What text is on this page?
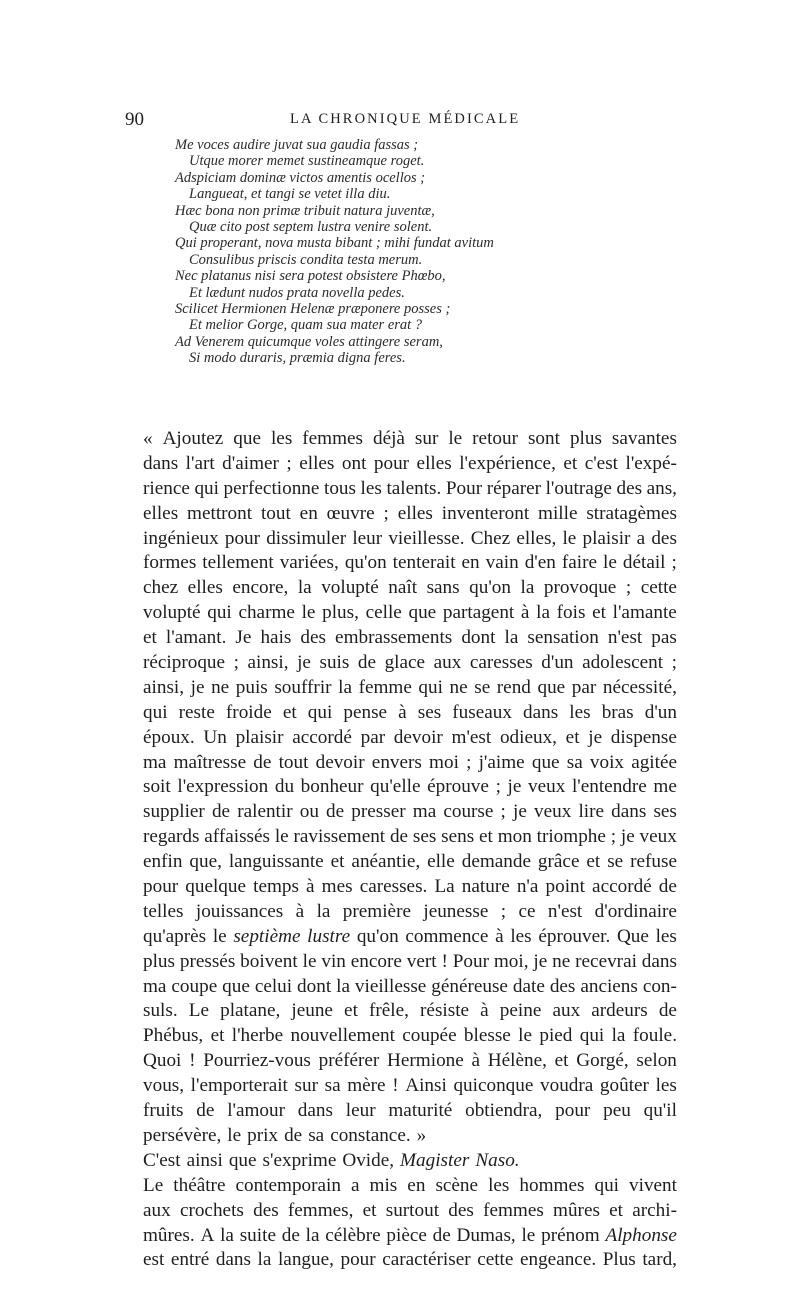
90	LA CHRONIQUE MÉDICALE
Me voces audire juvat sua gaudia fassas ;
Utque morer memet sustineamque roget.
Adspiciam dominæ victos amentis ocellos ;
Langueat, et tangi se vetet illa diu.
Hæc bona non primæ tribuit natura juventæ,
Quæ cito post septem lustra venire solent.
Qui properant, nova musta bibant ; mihi fundat avitum
Consulibus priscis condita testa merum.
Nec platanus nisi sera potest obsistere Phœbo,
Et lædunt nudos prata novella pedes.
Scilicet Hermionen Helenæ præponere posses ;
Et melior Gorge, quam sua mater erat ?
Ad Venerem quicumque voles attingere seram,
Si modo duraris, præmia digna feres.
« Ajoutez que les femmes déjà sur le retour sont plus savantes
dans l'art d'aimer ; elles ont pour elles l'expérience, et c'est l'expé-
rience qui perfectionne tous les talents. Pour réparer l'outrage des ans,
elles mettront tout en œuvre ; elles inventeront mille stratagèmes
ingénieux pour dissimuler leur vieillesse. Chez elles, le plaisir a des
formes tellement variées, qu'on tenterait en vain d'en faire le détail ;
chez elles encore, la volupté naît sans qu'on la provoque ; cette
volupté qui charme le plus, celle que partagent à la fois et l'amante
et l'amant. Je hais des embrassements dont la sensation n'est pas
réciproque ; ainsi, je suis de glace aux caresses d'un adolescent ;
ainsi, je ne puis souffrir la femme qui ne se rend que par nécessité,
qui reste froide et qui pense à ses fuseaux dans les bras d'un
époux. Un plaisir accordé par devoir m'est odieux, et je dispense
ma maîtresse de tout devoir envers moi ; j'aime que sa voix agitée
soit l'expression du bonheur qu'elle éprouve ; je veux l'entendre me
supplier de ralentir ou de presser ma course ; je veux lire dans ses
regards affaissés le ravissement de ses sens et mon triomphe ; je veux
enfin que, languissante et anéantie, elle demande grâce et se refuse
pour quelque temps à mes caresses. La nature n'a point accordé de
telles jouissances à la première jeunesse ; ce n'est d'ordinaire
qu'après le septième lustre qu'on commence à les éprouver. Que les
plus pressés boivent le vin encore vert ! Pour moi, je ne recevrai dans
ma coupe que celui dont la vieillesse généreuse date des anciens con-
suls. Le platane, jeune et frêle, résiste à peine aux ardeurs de
Phébus, et l'herbe nouvellement coupée blesse le pied qui la foule.
Quoi ! Pourriez-vous préférer Hermione à Hélène, et Gorgé, selon
vous, l'emporterait sur sa mère ! Ainsi quiconque voudra goûter les
fruits de l'amour dans leur maturité obtiendra, pour peu qu'il
persévère, le prix de sa constance. »
C'est ainsi que s'exprime Ovide, Magister Naso.
Le théâtre contemporain a mis en scène les hommes qui vivent
aux crochets des femmes, et surtout des femmes mûres et archi-
mûres. A la suite de la célèbre pièce de Dumas, le prénom Alphonse
est entré dans la langue, pour caractériser cette engeance. Plus tard,
